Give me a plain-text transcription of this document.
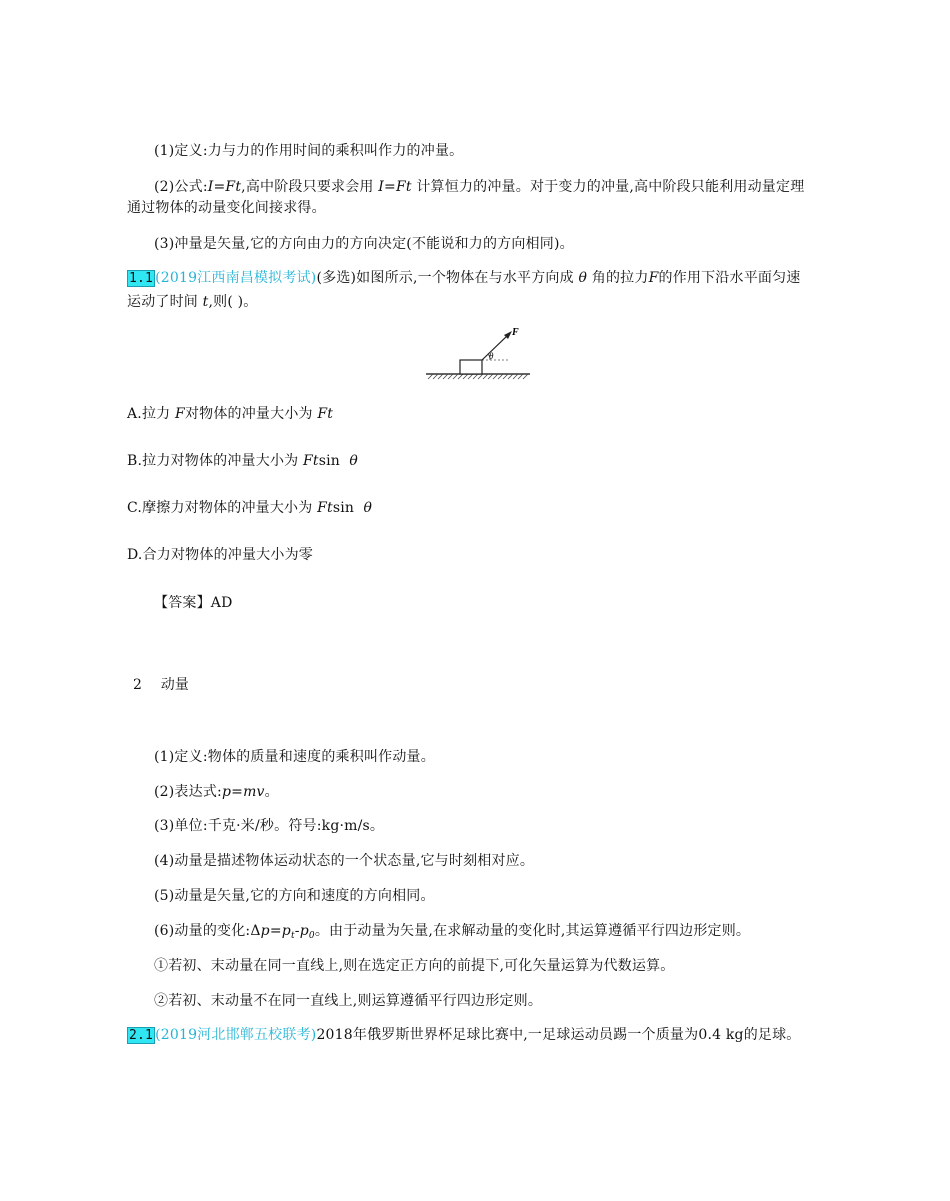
(1)定义:力与力的作用时间的乘积叫作力的冲量。
(2)公式:I=Ft,高中阶段只要求会用 I=Ft 计算恒力的冲量。对于变力的冲量,高中阶段只能利用动量定理
通过物体的动量变化间接求得。
(3)冲量是矢量,它的方向由力的方向决定(不能说和力的方向相同)。
1.1 (2019江西南昌模拟考试)(多选)如图所示,一个物体在与水平方向成 θ 角的拉力F的作用下沿水平面匀速
运动了时间 t,则( )。
F
θ
A.拉力 F对物体的冲量大小为 Ft
B.拉力对物体的冲量大小为 Ftsin θ
C.摩擦力对物体的冲量大小为 Ftsin θ
D.合力对物体的冲量大小为零
【答案】AD
2 动量
(1)定义:物体的质量和速度的乘积叫作动量。
(2)表达式:p=mv。
(3)单位:千克·米/秒。符号:kg·m/s。
(4)动量是描述物体运动状态的一个状态量,它与时刻相对应。
(5)动量是矢量,它的方向和速度的方向相同。
(6)动量的变化$:\Delta p=p_t-p_0$。由于动量为矢量,在求解动量的变化时,其运算遵循平行四边形定则。
①若初、末动量在同一直线上,则在选定正方向的前提下,可化矢量运算为代数运算。
②若初、末动量不在同一直线上,则运算遵循平行四边形定则。
2.1 (2019河北邯郸五校联考)2018年俄罗斯世界杯足球比赛中,一足球运动员踢一个质量为0.4 kg的足球。
